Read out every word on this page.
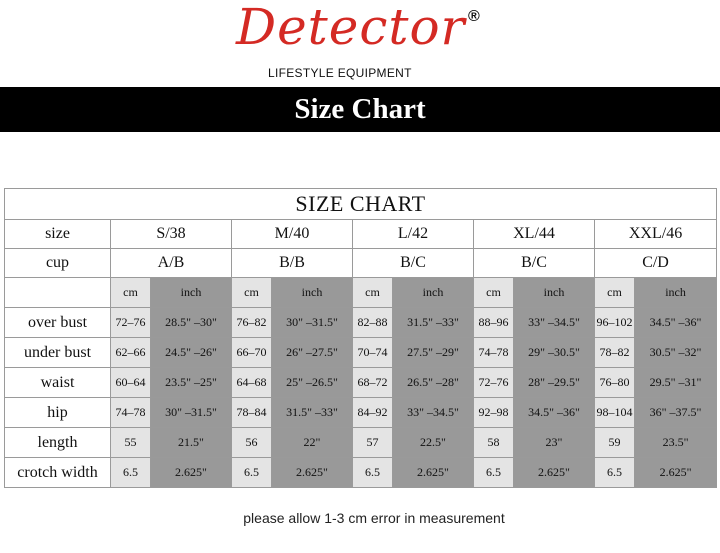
Detector ®
LIFESTYLE EQUIPMENT
Size Chart
SIZE CHART										
size	S/38		M/40		L/42		XL/44		XXL/46	
cup	A/B		B/B		B/C		B/C		C/D	
	cm	inch	cm	inch	cm	inch	cm	inch	cm	inch
over bust	72–76	28.5" –30"	76–82	30" –31.5"	82–88	31.5" –33"	88–96	33" –34.5"	96–102	34.5" –36"
under bust	62–66	24.5" –26"	66–70	26" –27.5"	70–74	27.5" –29"	74–78	29" –30.5"	78–82	30.5" –32"
waist	60–64	23.5" –25"	64–68	25" –26.5"	68–72	26.5" –28"	72–76	28" –29.5"	76–80	29.5" –31"
hip	74–78	30" –31.5"	78–84	31.5" –33"	84–92	33" –34.5"	92–98	34.5" –36"	98–104	36" –37.5"
length	55	21.5"	56	22"	57	22.5"	58	23"	59	23.5"
crotch width	6.5	2.625"	6.5	2.625"	6.5	2.625"	6.5	2.625"	6.5	2.625"
please allow 1-3 cm error in measurement
